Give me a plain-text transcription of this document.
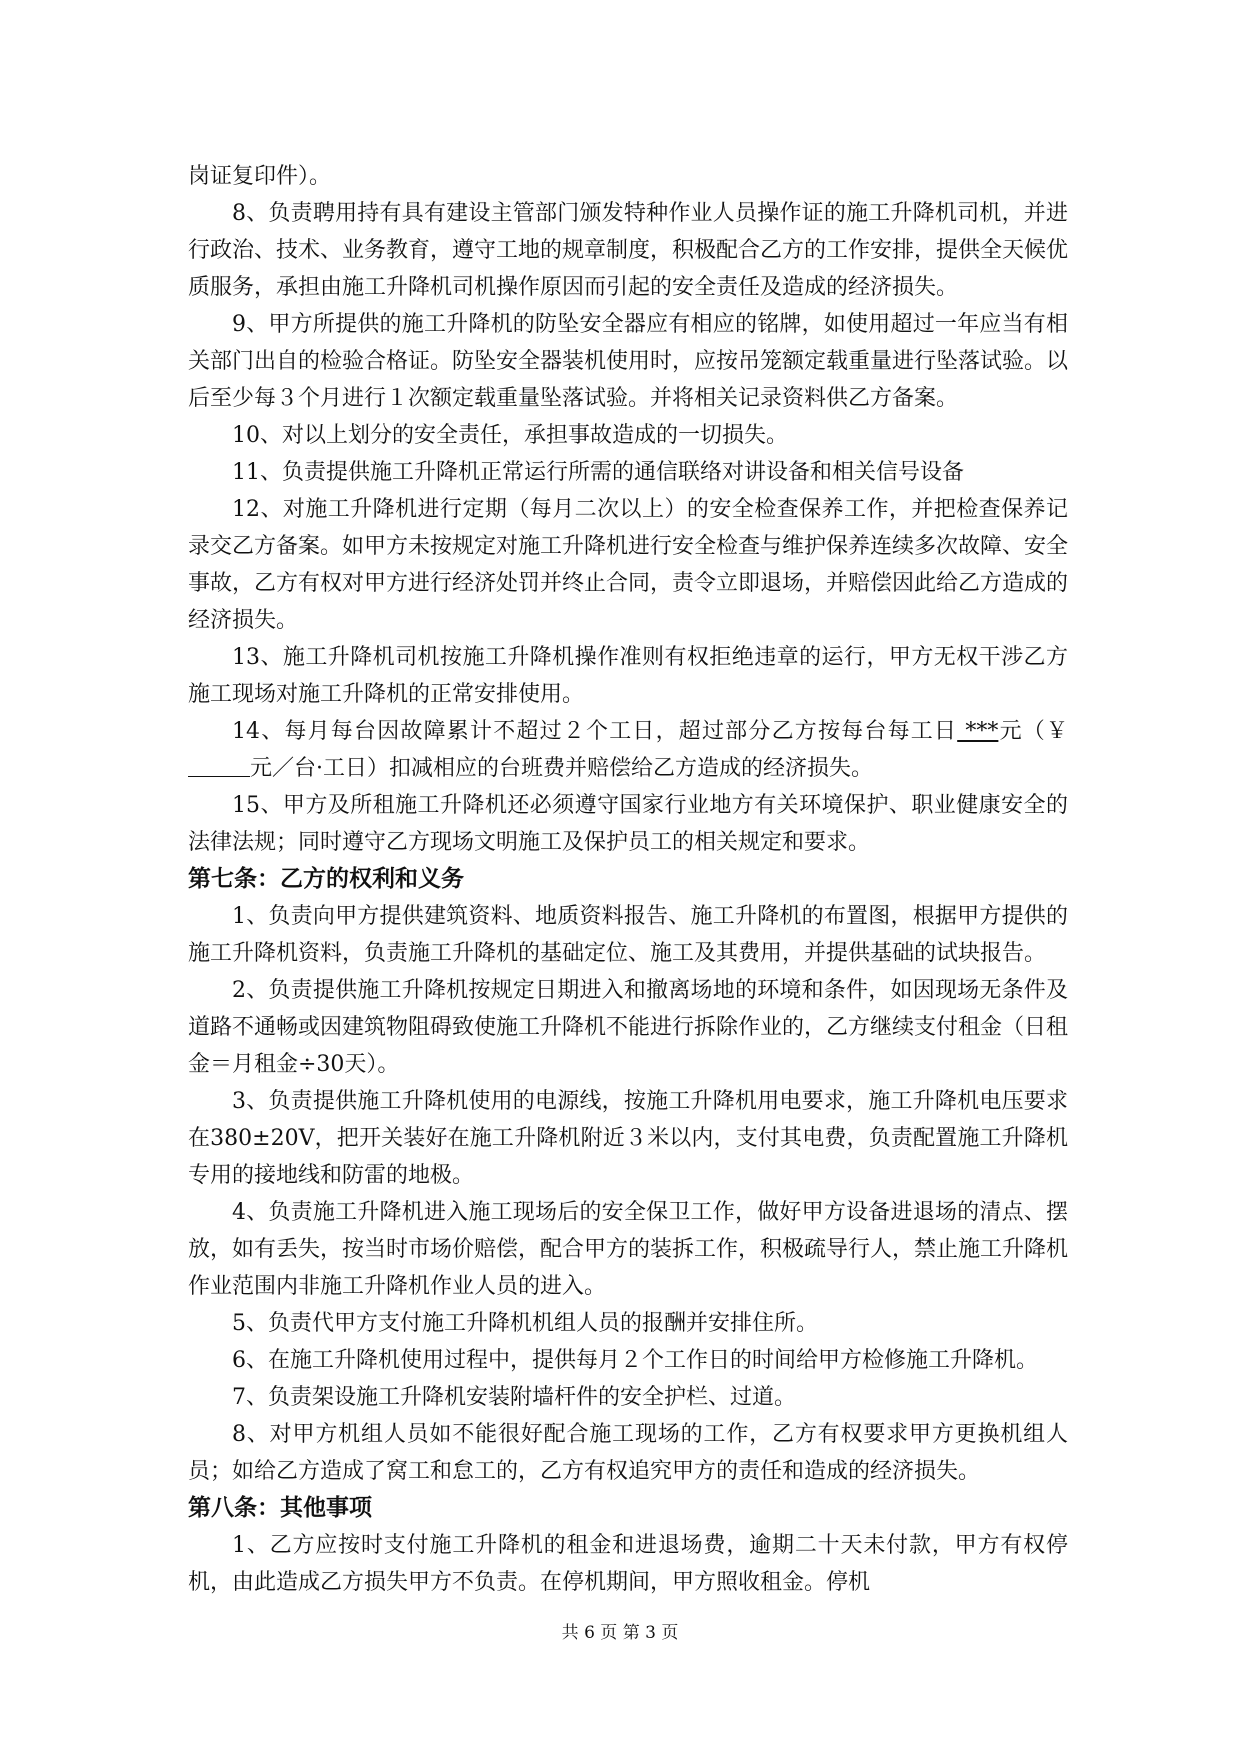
岗证复印件）。

8、负责聘用持有具有建设主管部门颁发特种作业人员操作证的施工升降机司机，并进行政治、技术、业务教育，遵守工地的规章制度，积极配合乙方的工作安排，提供全天候优质服务，承担由施工升降机司机操作原因而引起的安全责任及造成的经济损失。

9、甲方所提供的施工升降机的防坠安全器应有相应的铭牌，如使用超过一年应当有相关部门出自的检验合格证。防坠安全器装机使用时，应按吊笼额定载重量进行坠落试验。以后至少每３个月进行１次额定载重量坠落试验。并将相关记录资料供乙方备案。

10、对以上划分的安全责任，承担事故造成的一切损失。

11、负责提供施工升降机正常运行所需的通信联络对讲设备和相关信号设备

12、对施工升降机进行定期（每月二次以上）的安全检查保养工作，并把检查保养记录交乙方备案。如甲方未按规定对施工升降机进行安全检查与维护保养连续多次故障、安全事故，乙方有权对甲方进行经济处罚并终止合同，责令立即退场，并赔偿因此给乙方造成的经济损失。

13、施工升降机司机按施工升降机操作准则有权拒绝违章的运行，甲方无权干涉乙方施工现场对施工升降机的正常安排使用。

14、每月每台因故障累计不超过２个工日，超过部分乙方按每台每工日 ***元（￥元／台·工日）扣减相应的台班费并赔偿给乙方造成的经济损失。

15、甲方及所租施工升降机还必须遵守国家行业地方有关环境保护、职业健康安全的法律法规；同时遵守乙方现场文明施工及保护员工的相关规定和要求。

第七条：乙方的权利和义务

1、负责向甲方提供建筑资料、地质资料报告、施工升降机的布置图，根据甲方提供的施工升降机资料，负责施工升降机的基础定位、施工及其费用，并提供基础的试块报告。

2、负责提供施工升降机按规定日期进入和撤离场地的环境和条件，如因现场无条件及道路不通畅或因建筑物阻碍致使施工升降机不能进行拆除作业的，乙方继续支付租金（日租金＝月租金÷30天）。

3、负责提供施工升降机使用的电源线，按施工升降机用电要求，施工升降机电压要求在380±20V，把开关装好在施工升降机附近３米以内，支付其电费，负责配置施工升降机专用的接地线和防雷的地极。

4、负责施工升降机进入施工现场后的安全保卫工作，做好甲方设备进退场的清点、摆放，如有丢失，按当时市场价赔偿，配合甲方的装拆工作，积极疏导行人，禁止施工升降机作业范围内非施工升降机作业人员的进入。

5、负责代甲方支付施工升降机机组人员的报酬并安排住所。

6、在施工升降机使用过程中，提供每月２个工作日的时间给甲方检修施工升降机。

7、负责架设施工升降机安装附墙杆件的安全护栏、过道。

8、对甲方机组人员如不能很好配合施工现场的工作，乙方有权要求甲方更换机组人员；如给乙方造成了窝工和怠工的，乙方有权追究甲方的责任和造成的经济损失。

第八条：其他事项

1、乙方应按时支付施工升降机的租金和进退场费，逾期二十天未付款，甲方有权停机，由此造成乙方损失甲方不负责。在停机期间，甲方照收租金。停机

共 6 页 第 3 页
